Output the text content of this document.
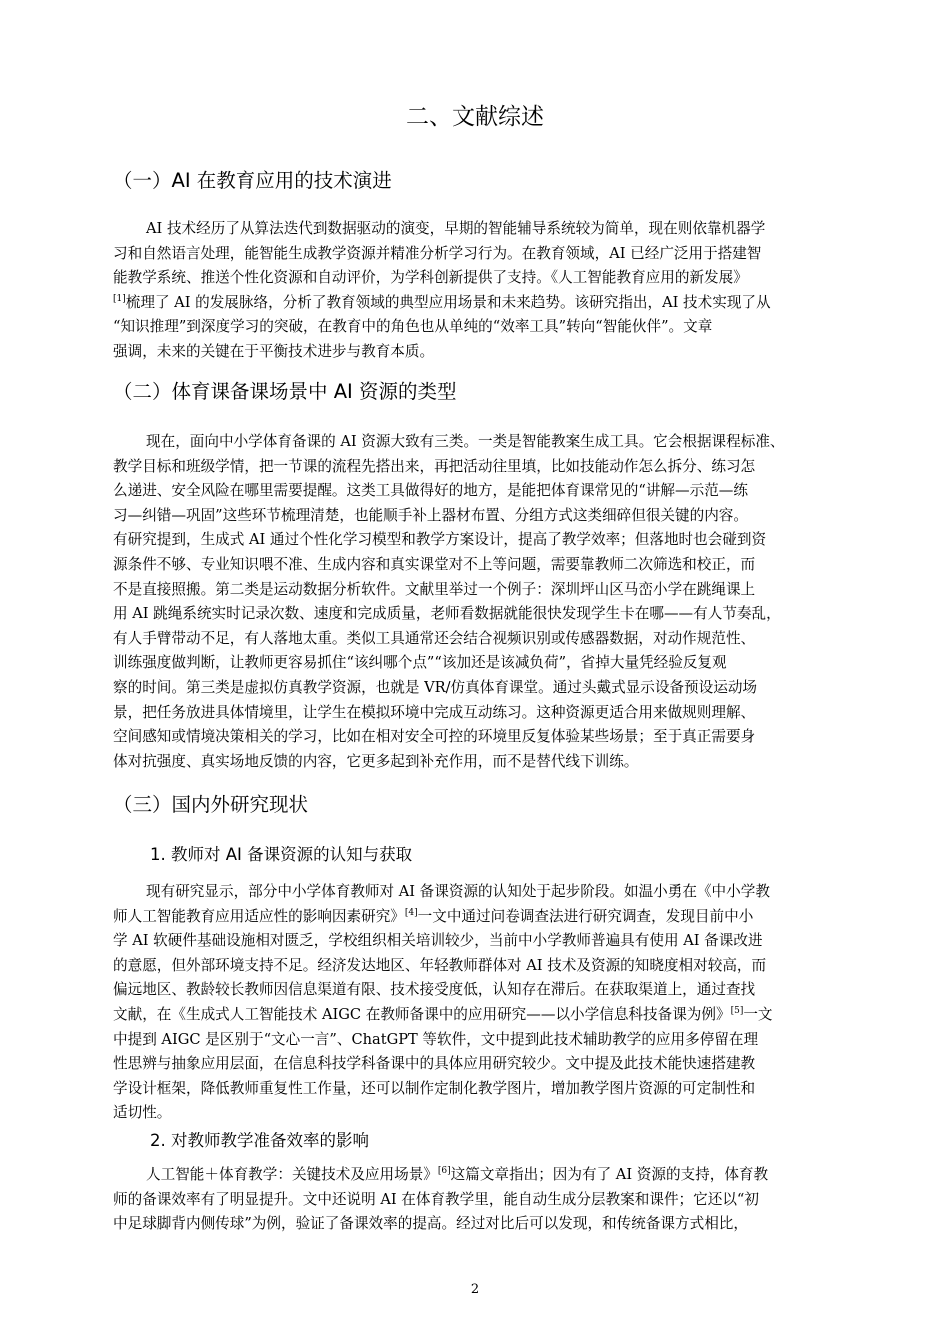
二、文献综述
（一）AI 在教育应用的技术演进
AI 技术经历了从算法迭代到数据驱动的演变，早期的智能辅导系统较为简单，现在则依靠机器学
习和自然语言处理，能智能生成教学资源并精准分析学习行为。在教育领域，AI 已经广泛用于搭建智
能教学系统、推送个性化资源和自动评价，为学科创新提供了支持。《人工智能教育应用的新发展》
[1]梳理了 AI 的发展脉络，分析了教育领域的典型应用场景和未来趋势。该研究指出，AI 技术实现了从
“知识推理”到深度学习的突破，在教育中的角色也从单纯的“效率工具”转向“智能伙伴”。文章
强调，未来的关键在于平衡技术进步与教育本质。
（二）体育课备课场景中 AI 资源的类型
现在，面向中小学体育备课的 AI 资源大致有三类。一类是智能教案生成工具。它会根据课程标准、
教学目标和班级学情，把一节课的流程先搭出来，再把活动往里填，比如技能动作怎么拆分、练习怎
么递进、安全风险在哪里需要提醒。这类工具做得好的地方，是能把体育课常见的“讲解—示范—练
习—纠错—巩固”这些环节梳理清楚，也能顺手补上器材布置、分组方式这类细碎但很关键的内容。
有研究提到，生成式 AI 通过个性化学习模型和教学方案设计，提高了教学效率；但落地时也会碰到资
源条件不够、专业知识喂不准、生成内容和真实课堂对不上等问题，需要靠教师二次筛选和校正，而
不是直接照搬。第二类是运动数据分析软件。文献里举过一个例子：深圳坪山区马峦小学在跳绳课上
用 AI 跳绳系统实时记录次数、速度和完成质量，老师看数据就能很快发现学生卡在哪——有人节奏乱，
有人手臂带动不足，有人落地太重。类似工具通常还会结合视频识别或传感器数据，对动作规范性、
训练强度做判断，让教师更容易抓住“该纠哪个点”“该加还是该减负荷”，省掉大量凭经验反复观
察的时间。第三类是虚拟仿真教学资源，也就是 VR/仿真体育课堂。通过头戴式显示设备预设运动场
景，把任务放进具体情境里，让学生在模拟环境中完成互动练习。这种资源更适合用来做规则理解、
空间感知或情境决策相关的学习，比如在相对安全可控的环境里反复体验某些场景；至于真正需要身
体对抗强度、真实场地反馈的内容，它更多起到补充作用，而不是替代线下训练。
（三）国内外研究现状
1. 教师对 AI 备课资源的认知与获取
现有研究显示，部分中小学体育教师对 AI 备课资源的认知处于起步阶段。如温小勇在《中小学教
师人工智能教育应用适应性的影响因素研究》[4]一文中通过问卷调查法进行研究调查，发现目前中小
学 AI 软硬件基础设施相对匮乏，学校组织相关培训较少，当前中小学教师普遍具有使用 AI 备课改进
的意愿，但外部环境支持不足。经济发达地区、年轻教师群体对 AI 技术及资源的知晓度相对较高，而
偏远地区、教龄较长教师因信息渠道有限、技术接受度低，认知存在滞后。在获取渠道上，通过查找
文献，在《生成式人工智能技术 AIGC 在教师备课中的应用研究——以小学信息科技备课为例》[5]一文
中提到 AIGC 是区别于“文心一言”、ChatGPT 等软件，文中提到此技术辅助教学的应用多停留在理
性思辨与抽象应用层面，在信息科技学科备课中的具体应用研究较少。文中提及此技术能快速搭建教
学设计框架，降低教师重复性工作量，还可以制作定制化教学图片，增加教学图片资源的可定制性和
适切性。
2. 对教师教学准备效率的影响
人工智能＋体育教学：关键技术及应用场景》[6]这篇文章指出；因为有了 AI 资源的支持，体育教
师的备课效率有了明显提升。文中还说明 AI 在体育教学里，能自动生成分层教案和课件；它还以“初
中足球脚背内侧传球”为例，验证了备课效率的提高。经过对比后可以发现，和传统备课方式相比，
2
